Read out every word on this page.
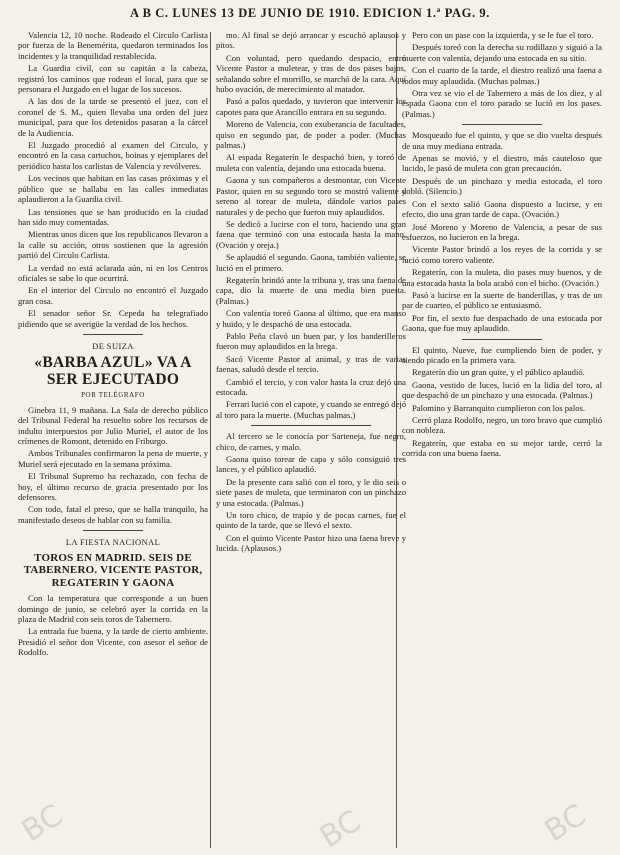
A B C. LUNES 13 DE JUNIO DE 1910. EDICION 1.ª PAG. 9.

Valencia 12, 10 noche. Rodeado el Circulo Carlista por fuerza de la Benemérita, quedaron terminados los incidentes y la tranquilidad restablecida.

La Guardia civil, con su capitán a la cabeza, registró los caminos que rodean el local, para que se personara el Juzgado en el lugar de los sucesos.

A las dos de la tarde se presentó el juez, con el coronel de S. M., quien llevaba una orden del juez municipal, para que los detenidos pasaran a la cárcel de la Audiencia.

El Juzgado procedió al examen del Circulo, y encontró en la casa cartuchos, boinas y ejemplares del periódico hasta los carlistas de Valencia y revólveres.

Los vecinos que habitan en las casas próximas y el público que se hallaba en las calles inmediatas aplaudieron a la Guardia civil.

Las tensiones que se han producido en la ciudad han sido muy comentadas.

Mientras unos dicen que los republicanos llevaron a la calle su acción, otros sostienen que la agresión partió del Circulo Carlista.

La verdad no está aclarada aún, ni en los Centros oficiales se sabe lo que ocurrirá.

En el interior del Circulo no encontró el Juzgado gran cosa.

El senador señor Sr. Cepeda ha telegrafiado pidiendo que se averigüe la verdad de los hechos.

DE SUIZA
«BARBA AZUL» VA A SER EJECUTADO
POR TELÉGRAFO

Ginebra 11, 9 mañana. La Sala de derecho público del Tribunal Federal ha resuelto sobre los recursos de indulto interpuestos por Julio Muriel, el autor de los crímenes de Romont, detenido en Friburgo.

Ambos Tribunales confirmaron la pena de muerte, y Muriel será ejecutado en la semana próxima.

El Tribunal Supremo ha rechazado, con fecha de hoy, el último recurso de gracia presentado por los defensores.

Con todo, fatal el preso, que se halla tranquilo, ha manifestado deseos de hablar con su familia.

LA FIESTA NACIONAL
TOROS EN MADRID. SEIS DE TABERNERO. VICENTE PASTOR, REGATERIN Y GAONA

Con la temperatura que corresponde a un buen domingo de junio, se celebró ayer la corrida en la plaza de Madrid con seis toros de Tabernero.

La entrada fue buena, y la tarde de cierto ambiente. Presidió el señor don Vicente, con asesor el señor de Rodolfo.

mo. Al final se dejó arrancar y escuchó aplausos y pitos.

Con voluntad, pero quedando despacio, entró Vicente Pastor a muletear, y tras de dos pases bajos, señalando sobre el morrillo, se marchó de la cara. Aquí hubo ovación, de merecimiento al matador.

Pasó a palos quedado, y tuvieron que intervenir los capotes para que Arancillo entrara en su segundo.

Moreno de Valencia, con exuberancia de facultades, quiso en segundo par, de poder a poder. (Muchas palmas.)

Al espada Regaterín le despachó bien, y toreó de muleta con valentía, dejando una estocada buena.

Gaona y sus compañeros a desmontar, con Vicente Pastor, quien en su segundo toro se mostró valiente y sereno al torear de muleta, dándole varios pases naturales y de pecho que fueron muy aplaudidos.

Se dedicó a lucirse con el toro, haciendo una gran faena que terminó con una estocada hasta la mano. (Ovación y oreja.)

Se aplaudió el segundo. Gaona, también valiente, se lució en el primero.

Regaterín brindó ante la tribuna y, tras una faena de capa, dio la muerte de una media bien puesta. (Palmas.)

Con valentía toreó Gaona al último, que era manso y huido, y le despachó de una estocada.

Pablo Peña clavó un buen par, y los banderilleros fueron muy aplaudidos en la brega.

Sacó Vicente Pastor al animal, y tras de varias faenas, saludó desde el tercio.

Cambió el tercio, y con valor hasta la cruz dejó una estocada.

Ferrari lució con el capote, y cuando se entregó dejó al toro para la muerte. (Muchas palmas.)

Al tercero se le conocía por Sarteneja, fue negro, chico, de carnes, y malo.

Gaona quiso torear de capa y sólo consiguió tres lances, y el público aplaudió.

De la presente cara salió con el toro, y le dio seis o siete pases de muleta, que terminaron con un pinchazo y una estocada. (Palmas.)

Un toro chico, de trapío y de pocas carnes, fue el quinto de la tarde, que se llevó el sexto.

Con el quinto Vicente Pastor hizo una faena breve y lucida. (Aplausos.)

Pero con un pase con la izquierda, y se le fue el toro.

Después toreó con la derecha su rodillazo y siguió a la muerte con valentía, dejando una estocada en su sitio.

Con el cuarto de la tarde, el diestro realizó una faena a todos muy aplaudida. (Muchas palmas.)

Otra vez se vio el de Tabernero a más de los diez, y al espada Gaona con el toro parado se lució en los pases. (Palmas.)

Mosqueado fue el quinto, y que se dio vuelta después de una muy mediana entrada.

Apenas se movió, y el diestro, más cauteloso que lucido, le pasó de muleta con gran precaución.

Después de un pinchazo y media estocada, el toro dobló. (Silencio.)

Con el sexto salió Gaona dispuesto a lucirse, y en efecto, dio una gran tarde de capa. (Ovación.)

José Moreno y Moreno de Valencia, a pesar de sus esfuerzos, no lucieron en la brega.

Vicente Pastor brindó a los reyes de la corrida y se lució como torero valiente.

Regaterín, con la muleta, dio pases muy buenos, y de una estocada hasta la bola acabó con el bicho. (Ovación.)

Pasó a lucirse en la suerte de banderillas, y tras de un par de cuarteo, el público se entusiasmó.

Por fin, el sexto fue despachado de una estocada por Gaona, que fue muy aplaudido.

El quinto, Nueve, fue cumpliendo bien de poder, y siendo picado en la primera vara.

Regaterín dio un gran quite, y el público aplaudió.

Gaona, vestido de luces, lució en la lidia del toro, al que despachó de un pinchazo y una estocada. (Palmas.)

Palomino y Barranquito cumplieron con los palos.

Cerró plaza Rodolfo, negro, un toro bravo que cumplió con nobleza.

Regaterín, que estaba en su mejor tarde, cerró la corrida con una buena faena.

BC	BC	BC
